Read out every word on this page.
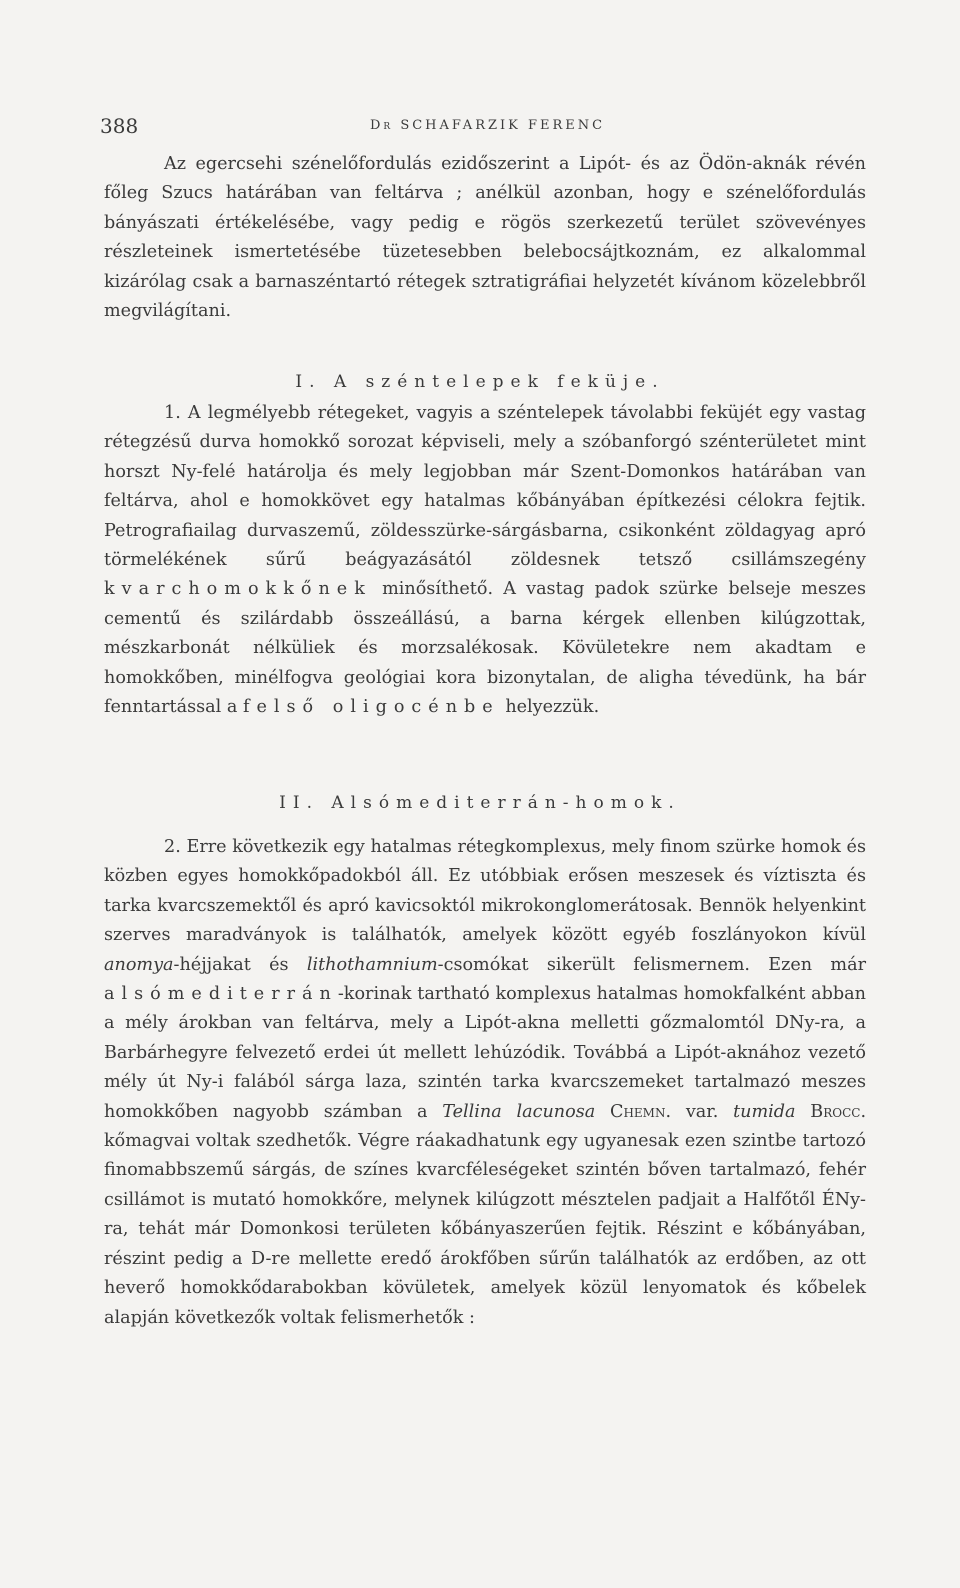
388	Dr SCHAFARZIK FERENC

Az egercsehi szénelőfordulás ezidőszerint a Lipót- és az Ödön-aknák révén főleg Szucs határában van feltárva ; anélkül azonban, hogy e szénelőfordulás bányászati értékelésébe, vagy pedig e rögös szerkezetű terület szövevényes részleteinek ismertetésébe tüzetesebben belebocsájtkoznám, ez alkalommal kizárólag csak a barnaszéntartó rétegek sztratigráfiai helyzetét kívánom közelebbről megvilágítani.

I. A széntelepek feküje.

1. A legmélyebb rétegeket, vagyis a széntelepek távolabbi feküjét egy vastag rétegzésű durva homokkő sorozat képviseli, mely a szóbanforgó szénterületet mint horszt Ny-felé határolja és mely legjobban már Szent-Domonkos határában van feltárva, ahol e homokkövet egy hatalmas kőbányában építkezési célokra fejtik. Petrografiailag durvaszemű, zöldesszürke-sárgásbarna, csikonként zöldagyag apró törmelékének sűrű beágyazásától zöldesnek tetsző csillámszegény kvarchomokkőnek minősíthető. A vastag padok szürke belseje meszes cementű és szilárdabb összeállású, a barna kérgek ellenben kilúgzottak, mészkarbonát nélküliek és morzsalékosak. Kövületekre nem akadtam e homokkőben, minélfogva geológiai kora bizonytalan, de aligha tévedünk, ha bár fenntartással a felső oligocénbe helyezzük.

II. Alsómediterrán-homok.

2. Erre következik egy hatalmas rétegkomplexus, mely finom szürke homok és közben egyes homokkőpadokból áll. Ez utóbbiak erősen meszesek és víztiszta és tarka kvarcszemektől és apró kavicsoktól mikrokonglomerátosak. Bennök helyenkint szerves maradványok is találhatók, amelyek között egyéb foszlányokon kívül anomya-héjjakat és lithothamnium-csomókat sikerült felismernem. Ezen már alsómediterrán-korinak tartható komplexus hatalmas homokfalként abban a mély árokban van feltárva, mely a Lipót-akna melletti gőzmalomtól DNy-ra, a Barbárhegyre felvezető erdei út mellett lehúzódik. Továbbá a Lipót-aknához vezető mély út Ny-i falából sárga laza, szintén tarka kvarcszemeket tartalmazó meszes homokkőben nagyobb számban a Tellina lacunosa Chemn. var. tumida Brocc. kőmagvai voltak szedhetők. Végre ráakadhatunk egy ugyanesak ezen szintbe tartozó finomabbszemű sárgás, de színes kvarcféleségeket szintén bőven tartalmazó, fehér csillámot is mutató homokkőre, melynek kilúgzott mésztelen padjait a Halfőtől ÉNy-ra, tehát már Domonkosi területen kőbányaszerűen fejtik. Részint e kőbányában, részint pedig a D-re mellette eredő árokfőben sűrűn találhatók az erdőben, az ott heverő homokkődarabokban kövületek, amelyek közül lenyomatok és kőbelek alapján következők voltak felismerhetők :
